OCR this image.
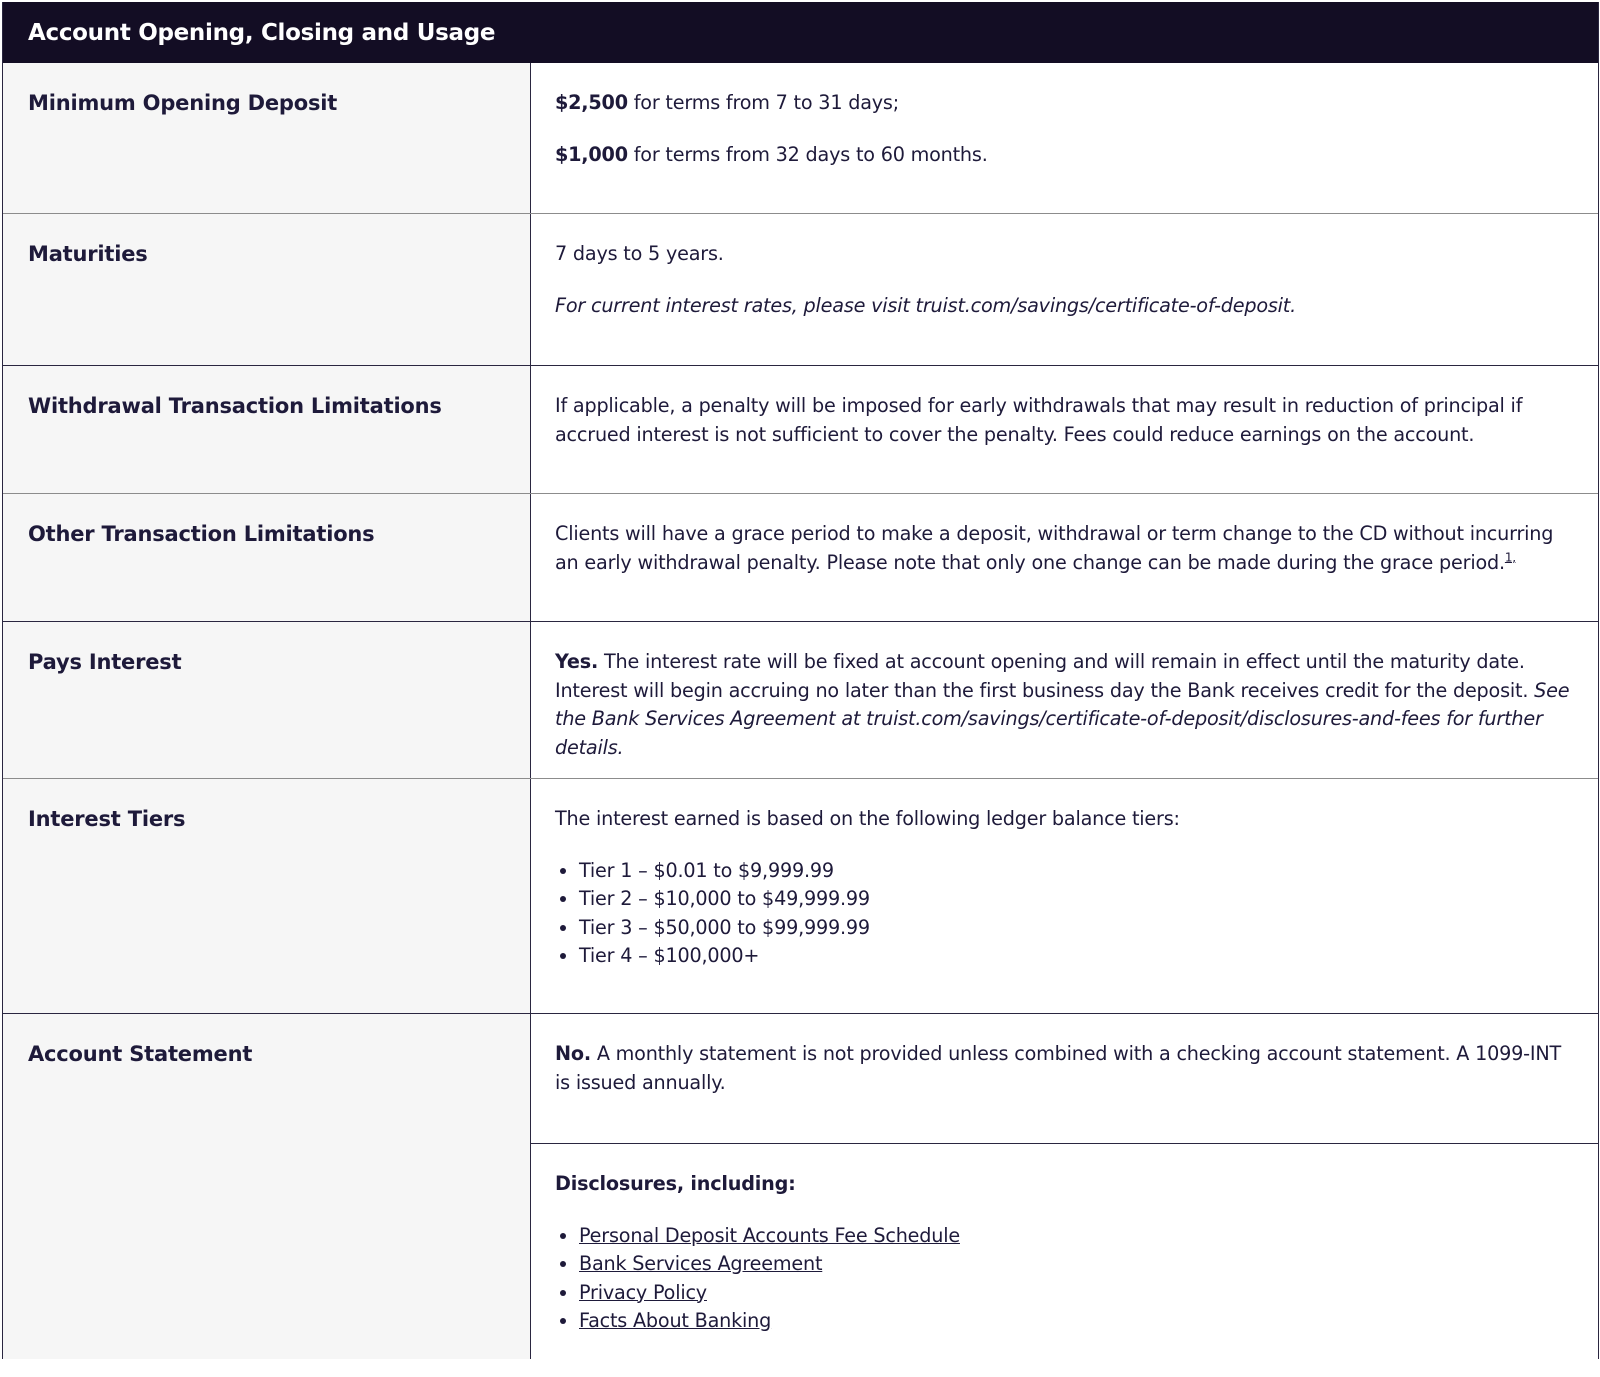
Account Opening, Closing and Usage
Minimum Opening Deposit	$2,500 for terms from 7 to 31 days;

$1,000 for terms from 32 days to 60 months.

Maturities	7 days to 5 years.

For current interest rates, please visit truist.com/savings/certificate-of-deposit.

Withdrawal Transaction Limitations	If applicable, a penalty will be imposed for early withdrawals that may result in reduction of principal if accrued interest is not sufficient to cover the penalty. Fees could reduce earnings on the account.

Other Transaction Limitations	Clients will have a grace period to make a deposit, withdrawal or term change to the CD without incurring an early withdrawal penalty. Please note that only one change can be made during the grace period.$^{1,}$

Pays Interest	Yes. The interest rate will be fixed at account opening and will remain in effect until the maturity date. Interest will begin accruing no later than the first business day the Bank receives credit for the deposit. See the Bank Services Agreement at truist.com/savings/certificate-of-deposit/disclosures-and-fees for further details.

Interest Tiers	The interest earned is based on the following ledger balance tiers:

• Tier 1 – $0.01 to $9,999.99
• Tier 2 – $10,000 to $49,999.99
• Tier 3 – $50,000 to $99,999.99
• Tier 4 – $100,000+
Account Statement	No. A monthly statement is not provided unless combined with a checking account statement. A 1099-INT is issued annually.

Disclosures, including:

• Personal Deposit Accounts Fee Schedule
• Bank Services Agreement
• Privacy Policy
• Facts About Banking
